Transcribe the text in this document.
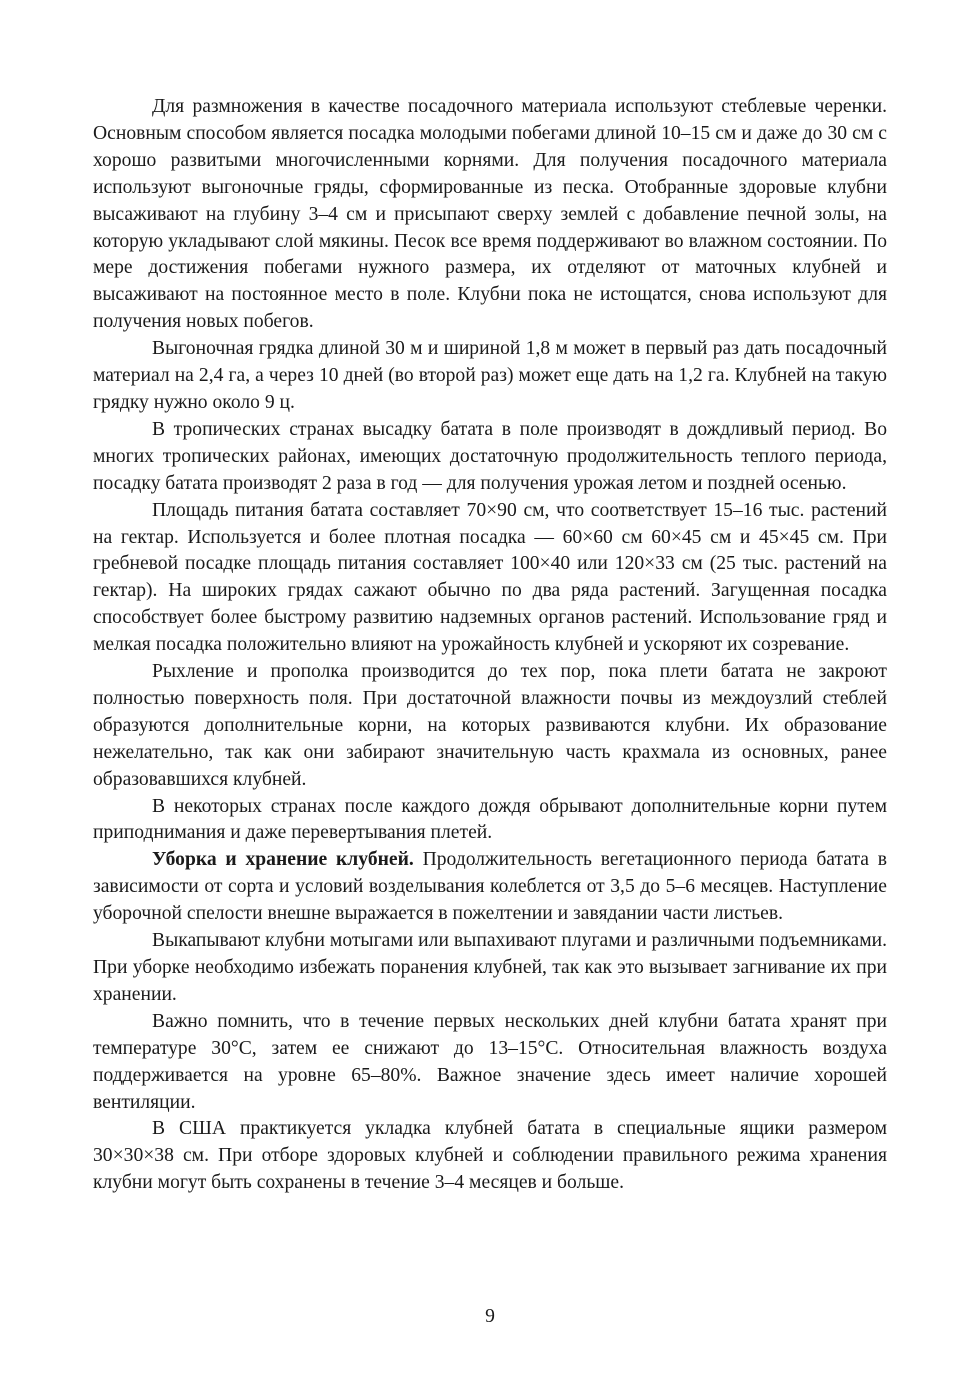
Для размножения в качестве посадочного материала используют стеблевые черенки. Основным способом является посадка молодыми побегами длиной 10–15 см и даже до 30 см с хорошо развитыми многочисленными корнями. Для получения посадочного материала используют выгоночные гряды, сформированные из песка. Отобранные здоровые клубни высаживают на глубину 3–4 см и присыпают сверху землей с добавление печной золы, на которую укладывают слой мякины. Песок все время поддерживают во влажном состоянии. По мере достижения побегами нужного размера, их отделяют от маточных клубней и высаживают на постоянное место в поле. Клубни пока не истощатся, снова используют для получения новых побегов.

Выгоночная грядка длиной 30 м и шириной 1,8 м может в первый раз дать посадочный материал на 2,4 га, а через 10 дней (во второй раз) может еще дать на 1,2 га. Клубней на такую грядку нужно около 9 ц.

В тропических странах высадку батата в поле производят в дождливый период. Во многих тропических районах, имеющих достаточную продолжительность теплого периода, посадку батата производят 2 раза в год — для получения урожая летом и поздней осенью.

Площадь питания батата составляет 70×90 см, что соответствует 15–16 тыс. растений на гектар. Используется и более плотная посадка — 60×60 см 60×45 см и 45×45 см. При гребневой посадке площадь питания составляет 100×40 или 120×33 см (25 тыс. растений на гектар). На широких грядах сажают обычно по два ряда растений. Загущенная посадка способствует более быстрому развитию надземных органов растений. Использование гряд и мелкая посадка положительно влияют на урожайность клубней и ускоряют их созревание.

Рыхление и прополка производится до тех пор, пока плети батата не закроют полностью поверхность поля. При достаточной влажности почвы из междоузлий стеблей образуются дополнительные корни, на которых развиваются клубни. Их образование нежелательно, так как они забирают значительную часть крахмала из основных, ранее образовавшихся клубней.

В некоторых странах после каждого дождя обрывают дополнительные корни путем приподнимания и даже перевертывания плетей.

Уборка и хранение клубней. Продолжительность вегетационного периода батата в зависимости от сорта и условий возделывания колеблется от 3,5 до 5–6 месяцев. Наступление уборочной спелости внешне выражается в пожелтении и завядании части листьев.

Выкапывают клубни мотыгами или выпахивают плугами и различными подъемниками. При уборке необходимо избежать поранения клубней, так как это вызывает загнивание их при хранении.

Важно помнить, что в течение первых нескольких дней клубни батата хранят при температуре 30°С, затем ее снижают до 13–15°С. Относительная влажность воздуха поддерживается на уровне 65–80%. Важное значение здесь имеет наличие хорошей вентиляции.

В США практикуется укладка клубней батата в специальные ящики размером 30×30×38 см. При отборе здоровых клубней и соблюдении правильного режима хранения клубни могут быть сохранены в течение 3–4 месяцев и больше.

9
